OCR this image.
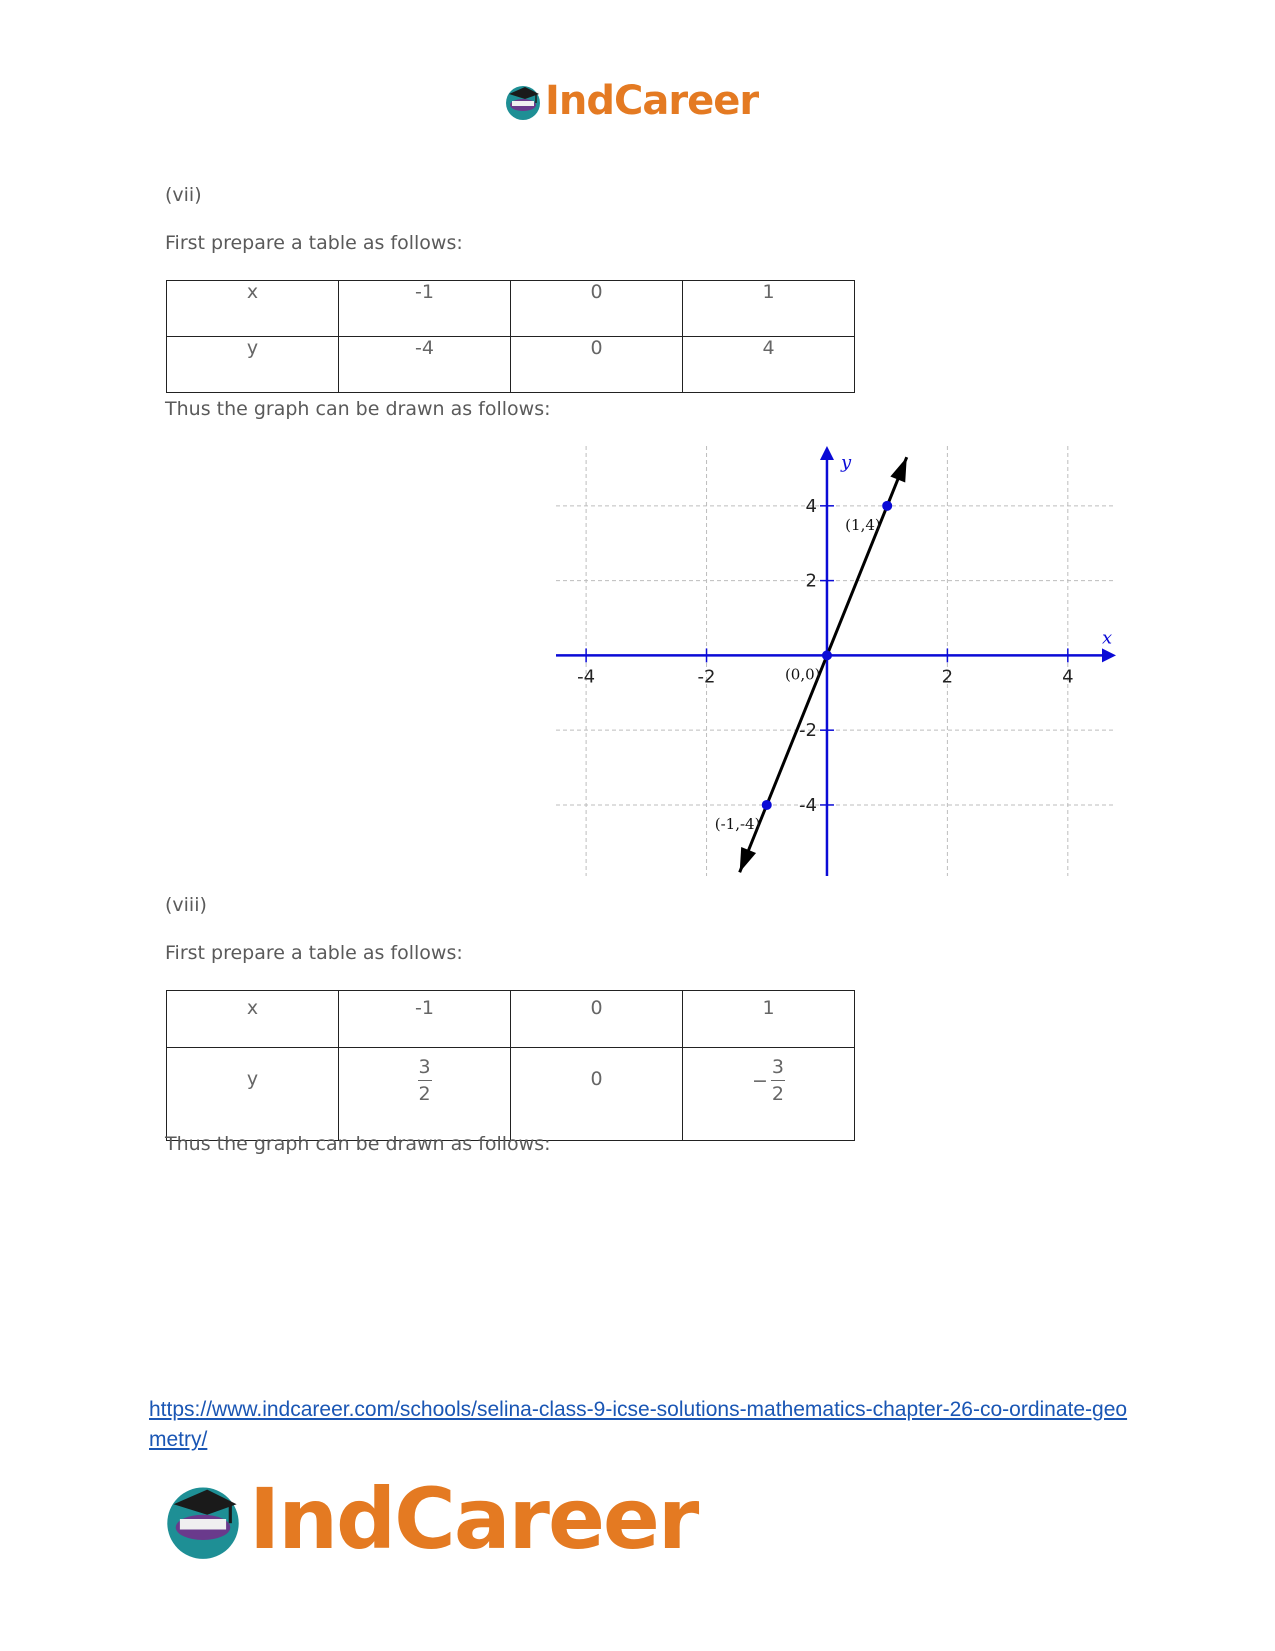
IndCareer
(vii)
First prepare a table as follows:
x	-1	0	1
y	-4	0	4
Thus the graph can be drawn as follows:
x
y
-4	-2	2	4
-4
-2
2
4
(-1,-4)
(0,0)
(1,4)
(viii)
First prepare a table as follows:
x	-1	0	1

y	$\frac{3}{2}$	0	− $\frac{3}{2}$
Thus the graph can be drawn as follows:
https://www.indcareer.com/schools/selina-class-9-icse-solutions-mathematics-chapter-26-co-ordinate-geometry/
IndCareer
